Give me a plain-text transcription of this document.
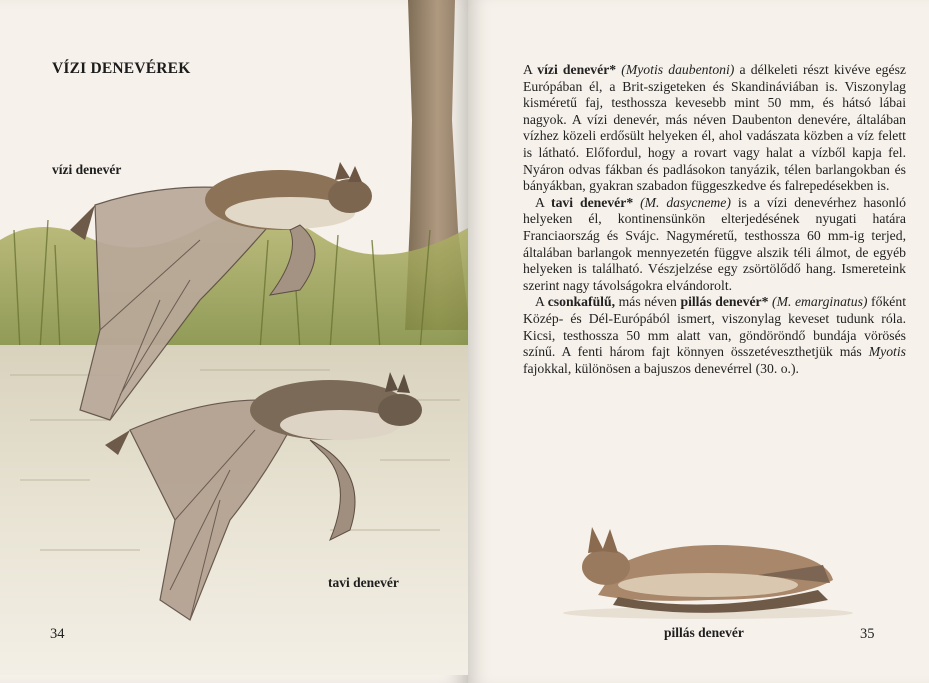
VÍZI DENEVÉREK
vízi denevér
tavi denevér
34

A vízi denevér* (Myotis daubentoni) a délkeleti részt kivéve egész Európában él, a Brit-szigeteken és Skandináviában is. Viszonylag kisméretű faj, testhossza kevesebb mint 50 mm, és hátsó lábai nagyok. A vízi denevér, más néven Daubenton denevére, általában vízhez közeli erdősült helyeken él, ahol vadászata közben a víz felett is látható. Előfordul, hogy a rovart vagy halat a vízből kapja fel. Nyáron odvas fákban és padlásokon tanyázik, télen barlangokban és bányákban, gyakran szabadon függeszkedve és falrepedésekben is.

A tavi denevér* (M. dasycneme) is a vízi denevérhez hasonló helyeken él, kontinensünkön elterjedésének nyugati határa Franciaország és Svájc. Nagyméretű, testhossza 60 mm-ig terjed, általában barlangok mennyezetén függve alszik téli álmot, de egyéb helyeken is található. Vészjelzése egy zsörtölődő hang. Ismereteink szerint nagy távolságokra elvándorolt.

A csonkafülű, más néven pillás denevér* (M. emarginatus) főként Közép- és Dél-Európából ismert, viszonylag keveset tudunk róla. Kicsi, testhossza 50 mm alatt van, göndöröndő bundája vörösés színű. A fenti három fajt könnyen összetéveszthetjük más Myotis fajokkal, különösen a bajuszos denevérrel (30. o.).

pillás denevér	35
